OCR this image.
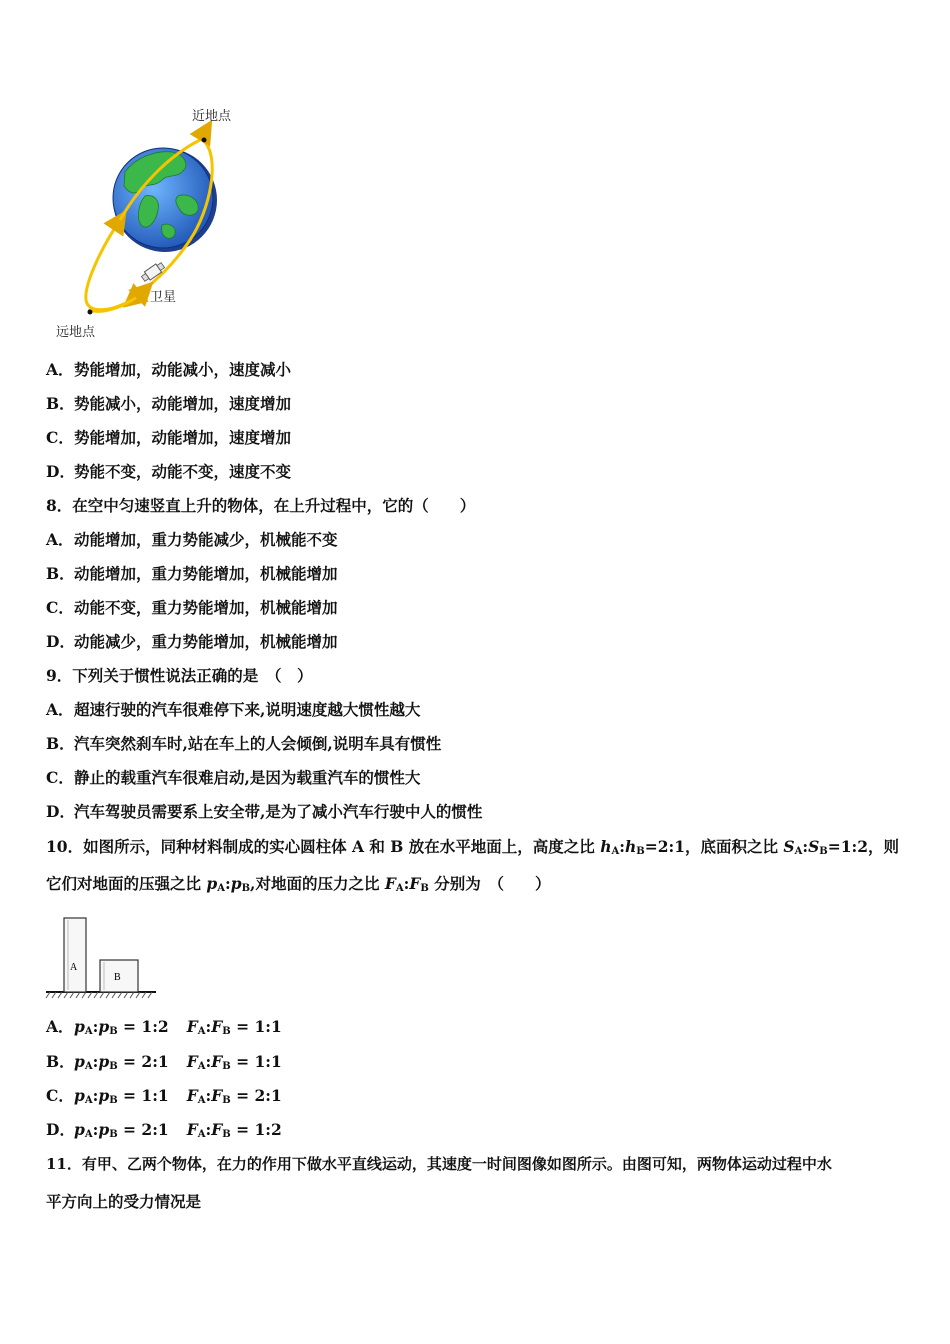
近地点
远地点
卫星
A．势能增加，动能减小，速度减小
B．势能减小，动能增加，速度增加
C．势能增加，动能增加，速度增加
D．势能不变，动能不变，速度不变
8．在空中匀速竖直上升的物体，在上升过程中，它的（　　）
A．动能增加，重力势能减少，机械能不变
B．动能增加，重力势能增加，机械能增加
C．动能不变，重力势能增加，机械能增加
D．动能减少，重力势能增加，机械能增加
9．下列关于惯性说法正确的是　（　）
A．超速行驶的汽车很难停下来,说明速度越大惯性越大
B．汽车突然刹车时,站在车上的人会倾倒,说明车具有惯性
C．静止的载重汽车很难启动,是因为载重汽车的惯性大
D．汽车驾驶员需要系上安全带,是为了减小汽车行驶中人的惯性
10．如图所示，同种材料制成的实心圆柱体 A 和 B 放在水平地面上，高度之比 $h_A:h_B=2:1$，底面积之比 $S_A:S_B=1:2$，则
它们对地面的压强之比 $p_A:p_B$,对地面的压力之比 $F_A:F_B$ 分别为　（　　）
A
B
A．$p_A:p_B$ = 1:2 $F_A:F_B$ = 1:1
B．$p_A:p_B$ = 2:1 $F_A:F_B$ = 1:1
C．$p_A:p_B$ = 1:1 $F_A:F_B$ = 2:1
D．$p_A:p_B$ = 2:1 $F_A:F_B$ = 1:2
11．有甲、乙两个物体，在力的作用下做水平直线运动，其速度一时间图像如图所示。由图可知，两物体运动过程中水
平方向上的受力情况是
